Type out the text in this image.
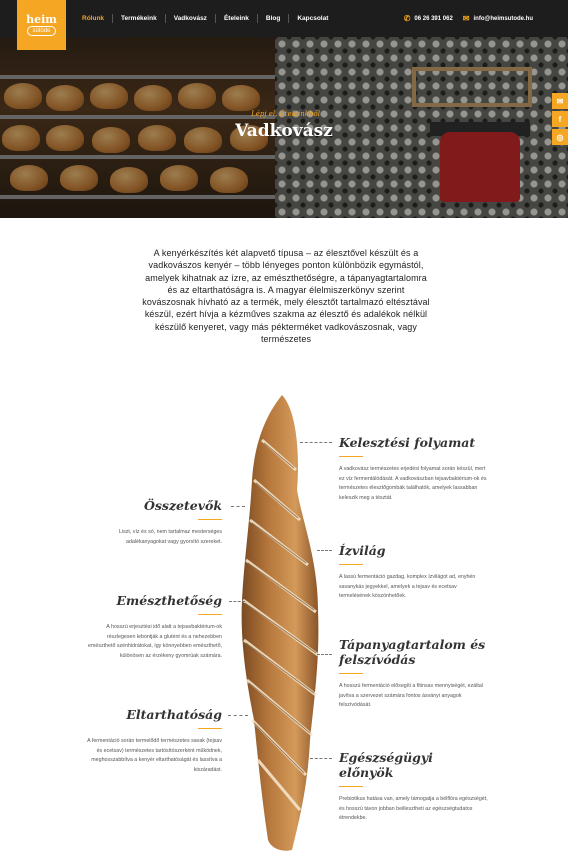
Rólunk	Termékeink	Vadkovász	Ételeink	Blog	Kapcsolat	✆ 06 26 391 062 ✉ info@heimsutode.hu
heim
sütöde
Lépj el, Ételeinkből
Vadkovász
✉
f
◎

A kenyérkészítés két alapvető típusa – az élesztővel készült és a vadkovászos kenyér – több lényeges ponton különbözik egymástól, amelyek kihatnak az ízre, az emészthetőségre, a tápanyagtartalomra és az eltarthatóságra is. A magyar élelmiszerkönyv szerint kovászosnak hívható az a termék, mely élesztőt tartalmazó eltésztával készül, ezért hívja a kézműves szakma az élesztő és adalékok nélkül készülő kenyeret, vagy más pékterméket vadkovászosnak, vagy természetes

Kelesztési folyamat

A vadkovász természetes erjedési folyamat során készül, mert ez víz fermentálódását. A vadkovászban tejsavbaktérium-ok és természetes élesztőgombák találhatók, amelyek lassabban keleszik meg a tésztát.

Összetevők

Liszt, víz és só, nem tartalmaz mesterséges adalékanyagokat vagy gyorsító szereket.

Ízvilág

A lassú fermentáció gazdag, komplex ízvilágot ad, enyhén savanykás jegyekkel, amelyek a tejsav és ecetsav termelésének köszönhetőek.

Emészthetőség

A hosszú erjesztési idő alatt a tejsavbaktérium-ok részlegesen lebontják a glutént és a nehezebben emészthető szénhidrátokat, így könnyebben emészthető, különösen az érzékeny gyomrúak számára.

Tápanyagtartalom és felszívódás

A hosszú fermentáció elősegíti a fitinsav mennyiségét, ezáltal javítva a szervezet számára fontos ásványi anyagok felszívódását.

Eltarthatóság

A fermentáció során termelődő természetes savak (tejsav és ecetsav) természetes tartósítószerként működnek, meghosszabbítva a kenyér eltarthatóságát és lassítva a kiszáradást.

Egészségügyi előnyök

Prebiotikus hatása van, amely támogatja a bélflóra egészségét, és hosszú távon jobban beillesztheti az egészségtudatos étrendekbe.
